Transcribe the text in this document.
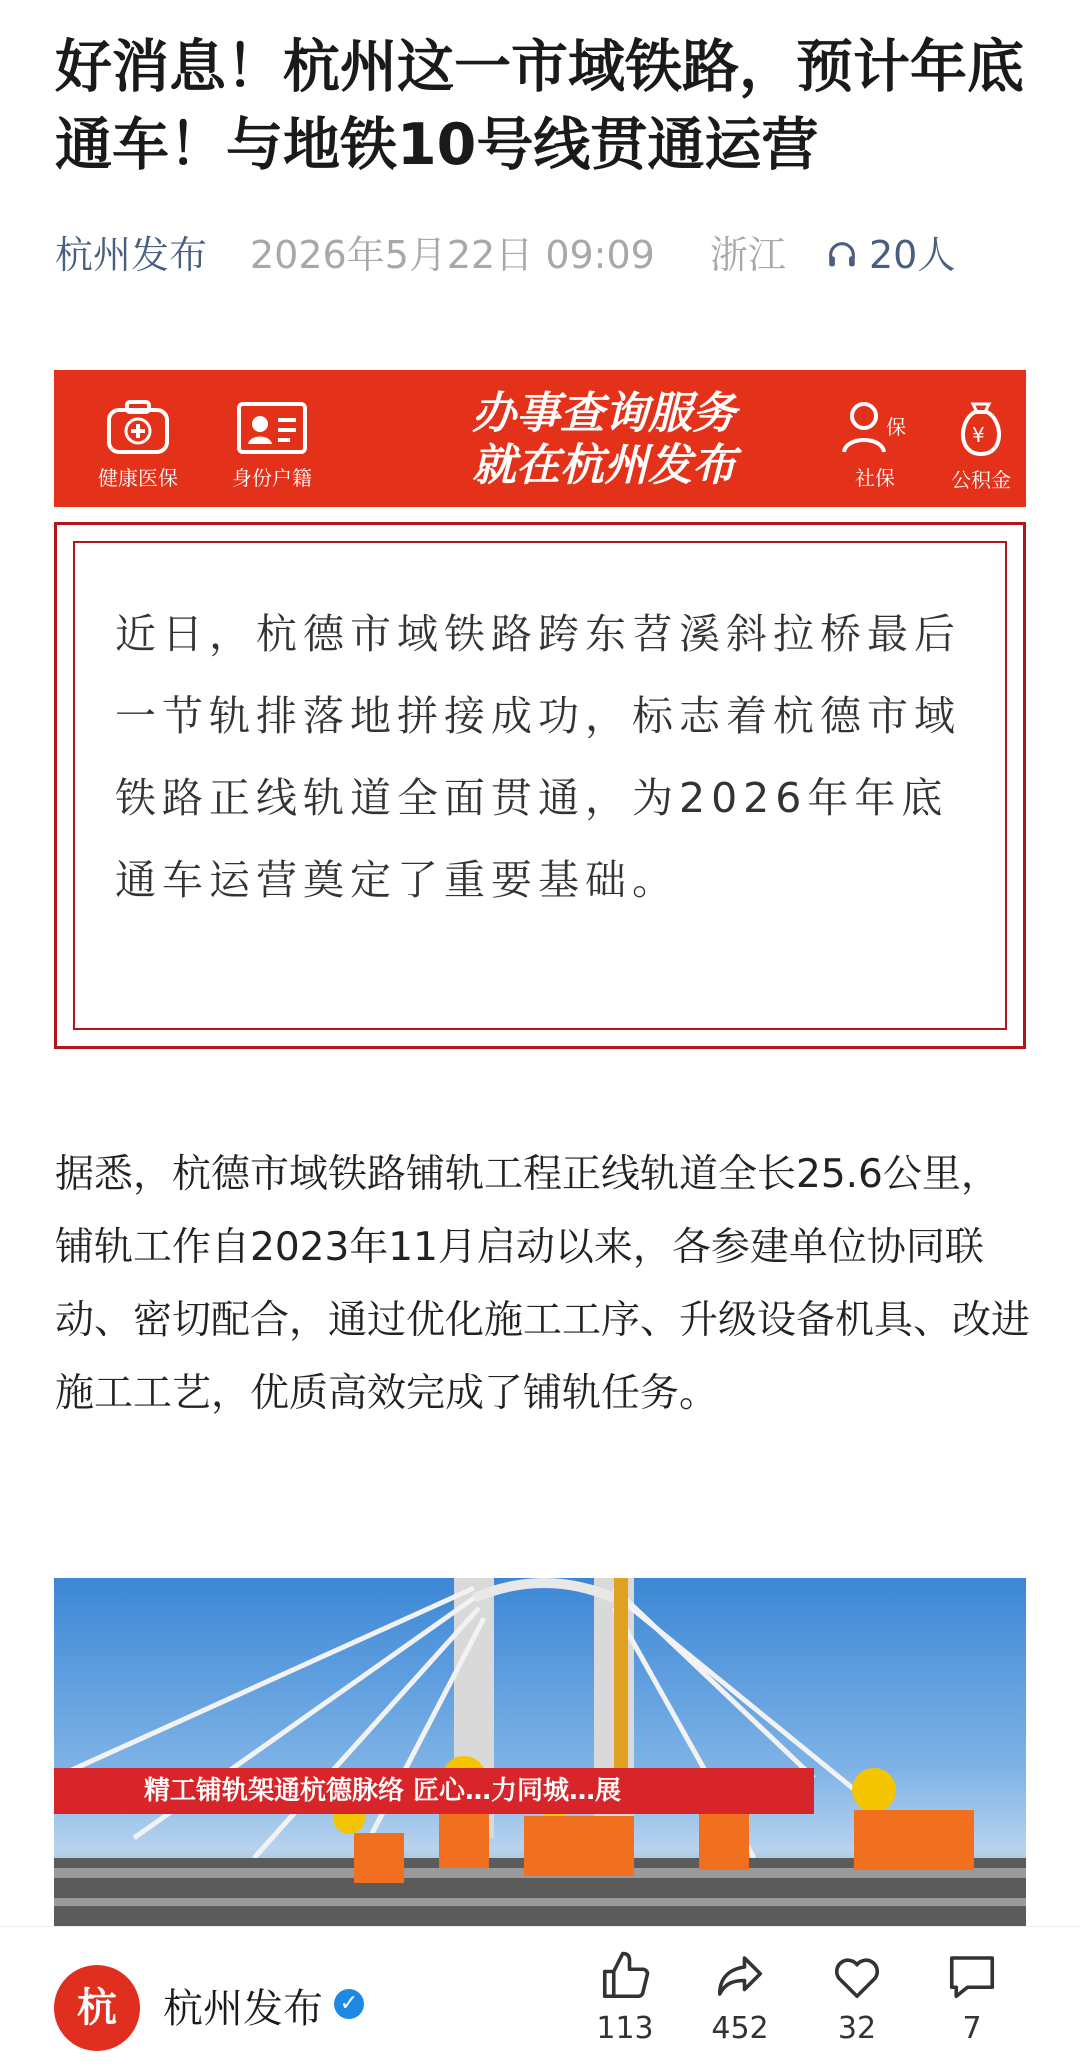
好消息！杭州这一市域铁路，预计年底通车！与地铁10号线贯通运营
杭州发布 2026年5月22日 09:09 浙江 20人
健康医保	身份户籍
办事查询服务
就在杭州发布
保
社保
¥
公积金
近日，杭德市域铁路跨东苕溪斜拉桥最后一节轨排落地拼接成功，标志着杭德市域铁路正线轨道全面贯通，为2026年年底通车运营奠定了重要基础。

据悉，杭德市域铁路铺轨工程正线轨道全长25.6公里，铺轨工作自2023年11月启动以来，各参建单位协同联动、密切配合，通过优化施工工序、升级设备机具、改进施工工艺，优质高效完成了铺轨任务。

精工铺轨架通杭德脉络 匠心…力同城…展
杭	杭州发布 ✓
113	452	32	7
